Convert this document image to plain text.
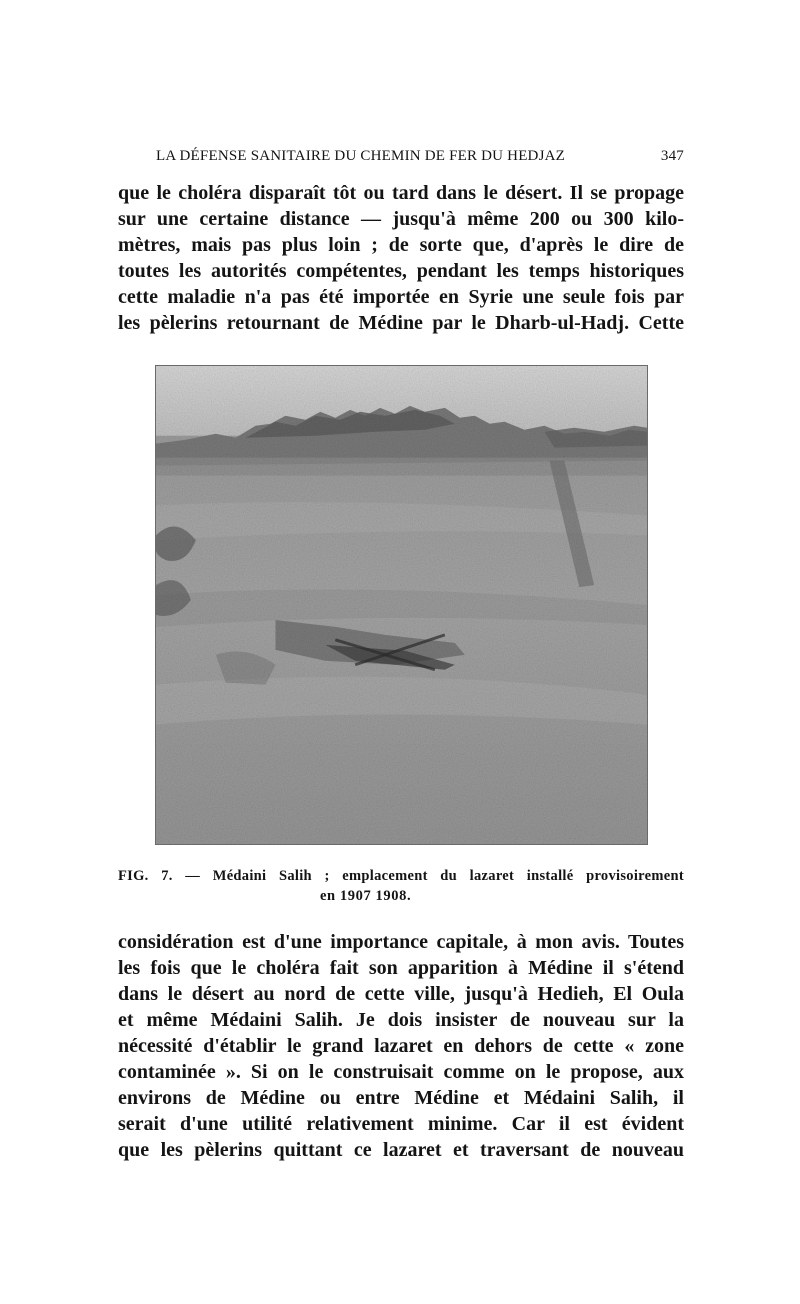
LA DÉFENSE SANITAIRE DU CHEMIN DE FER DU HEDJAZ	347
que le choléra disparaît tôt ou tard dans le désert. Il se propage
sur une certaine distance — jusqu'à même 200 ou 300 kilo-
mètres, mais pas plus loin ; de sorte que, d'après le dire de
toutes les autorités compétentes, pendant les temps historiques
cette maladie n'a pas été importée en Syrie une seule fois par
les pèlerins retournant de Médine par le Dharb-ul-Hadj. Cette
FIG. 7. — Médaini Salih ; emplacement du lazaret installé provisoirement
en 1907 1908.
considération est d'une importance capitale, à mon avis. Toutes
les fois que le choléra fait son apparition à Médine il s'étend
dans le désert au nord de cette ville, jusqu'à Hedieh, El Oula
et même Médaini Salih. Je dois insister de nouveau sur la
nécessité d'établir le grand lazaret en dehors de cette « zone
contaminée ». Si on le construisait comme on le propose, aux
environs de Médine ou entre Médine et Médaini Salih, il
serait d'une utilité relativement minime. Car il est évident
que les pèlerins quittant ce lazaret et traversant de nouveau
